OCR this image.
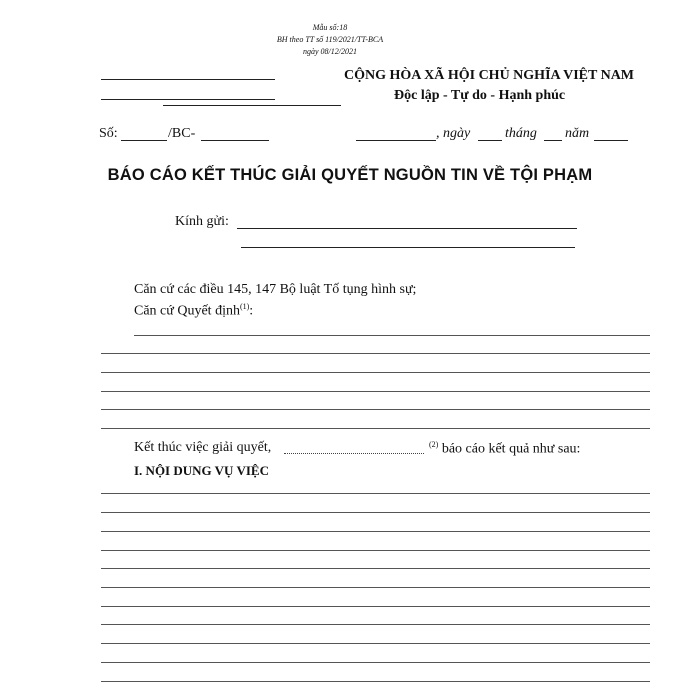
Mẫu số:18
BH theo TT số 119/2021/TT-BCA
ngày 08/12/2021
CỘNG HÒA XÃ HỘI CHỦ NGHĨA VIỆT NAM
Độc lập - Tự do - Hạnh phúc
Số:	/BC-	, ngày tháng năm
BÁO CÁO KẾT THÚC GIẢI QUYẾT NGUỒN TIN VỀ TỘI PHẠM
Kính gửi:
Căn cứ các điều 145, 147 Bộ luật Tố tụng hình sự;
Căn cứ Quyết định$^{(1)}$:
Kết thúc việc giải quyết,	$^{(2)}$ báo cáo kết quả như sau:
I. NỘI DUNG VỤ VIỆC
